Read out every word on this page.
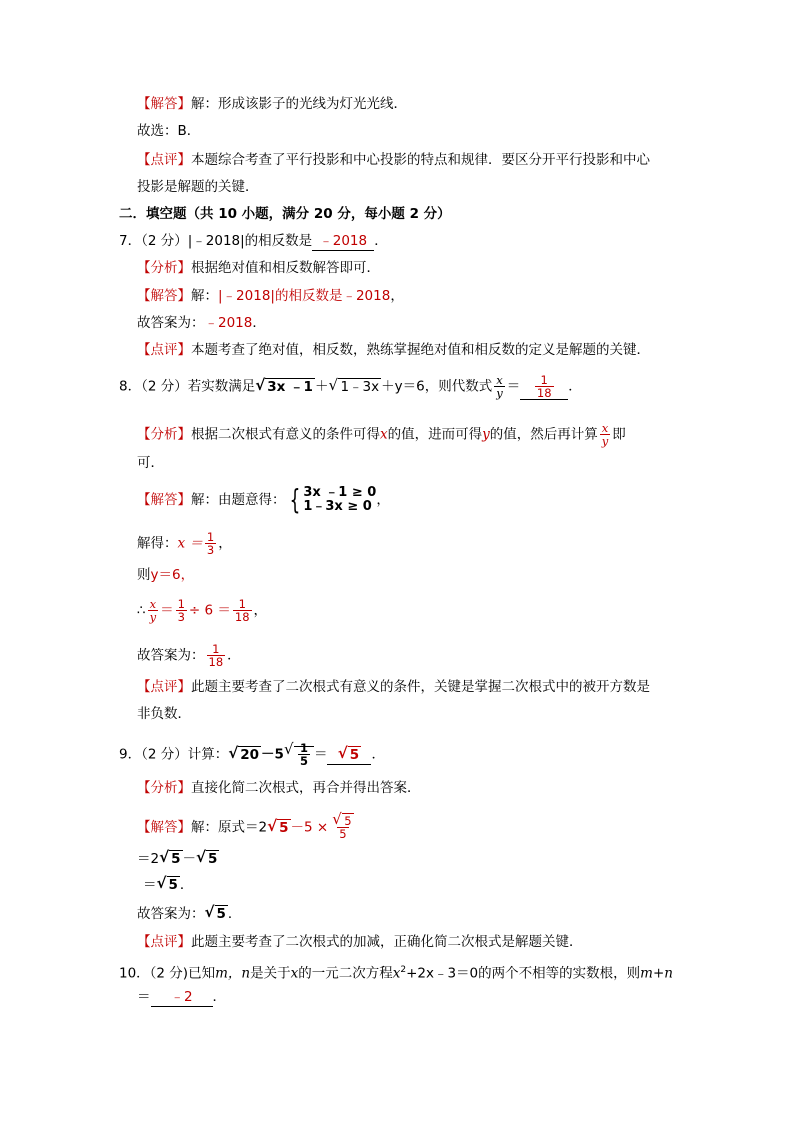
【解答】解：形成该影子的光线为灯光光线．
故选：B．
【点评】本题综合考查了平行投影和中心投影的特点和规律．要区分开平行投影和中心
投影是解题的关键．
二．填空题（共 10 小题，满分 20 分，每小题 2 分）
7．（2 分）|﹣2018|的相反数是 ﹣2018 ．
【分析】根据绝对值和相反数解答即可．
【解答】解：|﹣2018|的相反数是﹣2018，
故答案为：﹣2018．
【点评】本题考查了绝对值，相反数，熟练掌握绝对值和相反数的定义是解题的关键．
8．（2 分）若实数满足 √ 3x ﹣1 ＋ √ 1﹣3x ＋y＝6，则代数式 $\frac{x}{y} = \frac{1}{18}$ ．
【分析】根据二次根式有意义的条件可得x的值，进而可得y的值，然后再计算 $\frac{x}{y}$ 即
可．
【解答】解：由题意得： { 3x ﹣1 ≥ 0
1﹣3x ≥ 0 ，
解得：$x = \frac{1}{3}$ ，
则y＝6，
∴ $\frac{x}{y} = \frac{1}{3} \div 6 = \frac{1}{18}$ ，
故答案为： $\frac{1}{18}$ ．
【点评】此题主要考查了二次根式有意义的条件，关键是掌握二次根式中的被开方数是
非负数．
9．（2 分）计算： √ 20 －5 √ $\frac{1}{5}$ ＝ √ 5 ．
【分析】直接化简二次根式，再合并得出答案．
【解答】解：原式＝2 √ 5 －5 × √ $\frac{5}{5}$
＝2 √ 5 － √ 5
＝ √ 5 ．
故答案为： √ 5 ．
【点评】此题主要考查了二次根式的加减，正确化简二次根式是解题关键．
10．（2 分)已知m，n是关于x的一元二次方程$x^2+2x﹣3=0$的两个不相等的实数根，则m+n
＝ ﹣2 ．
